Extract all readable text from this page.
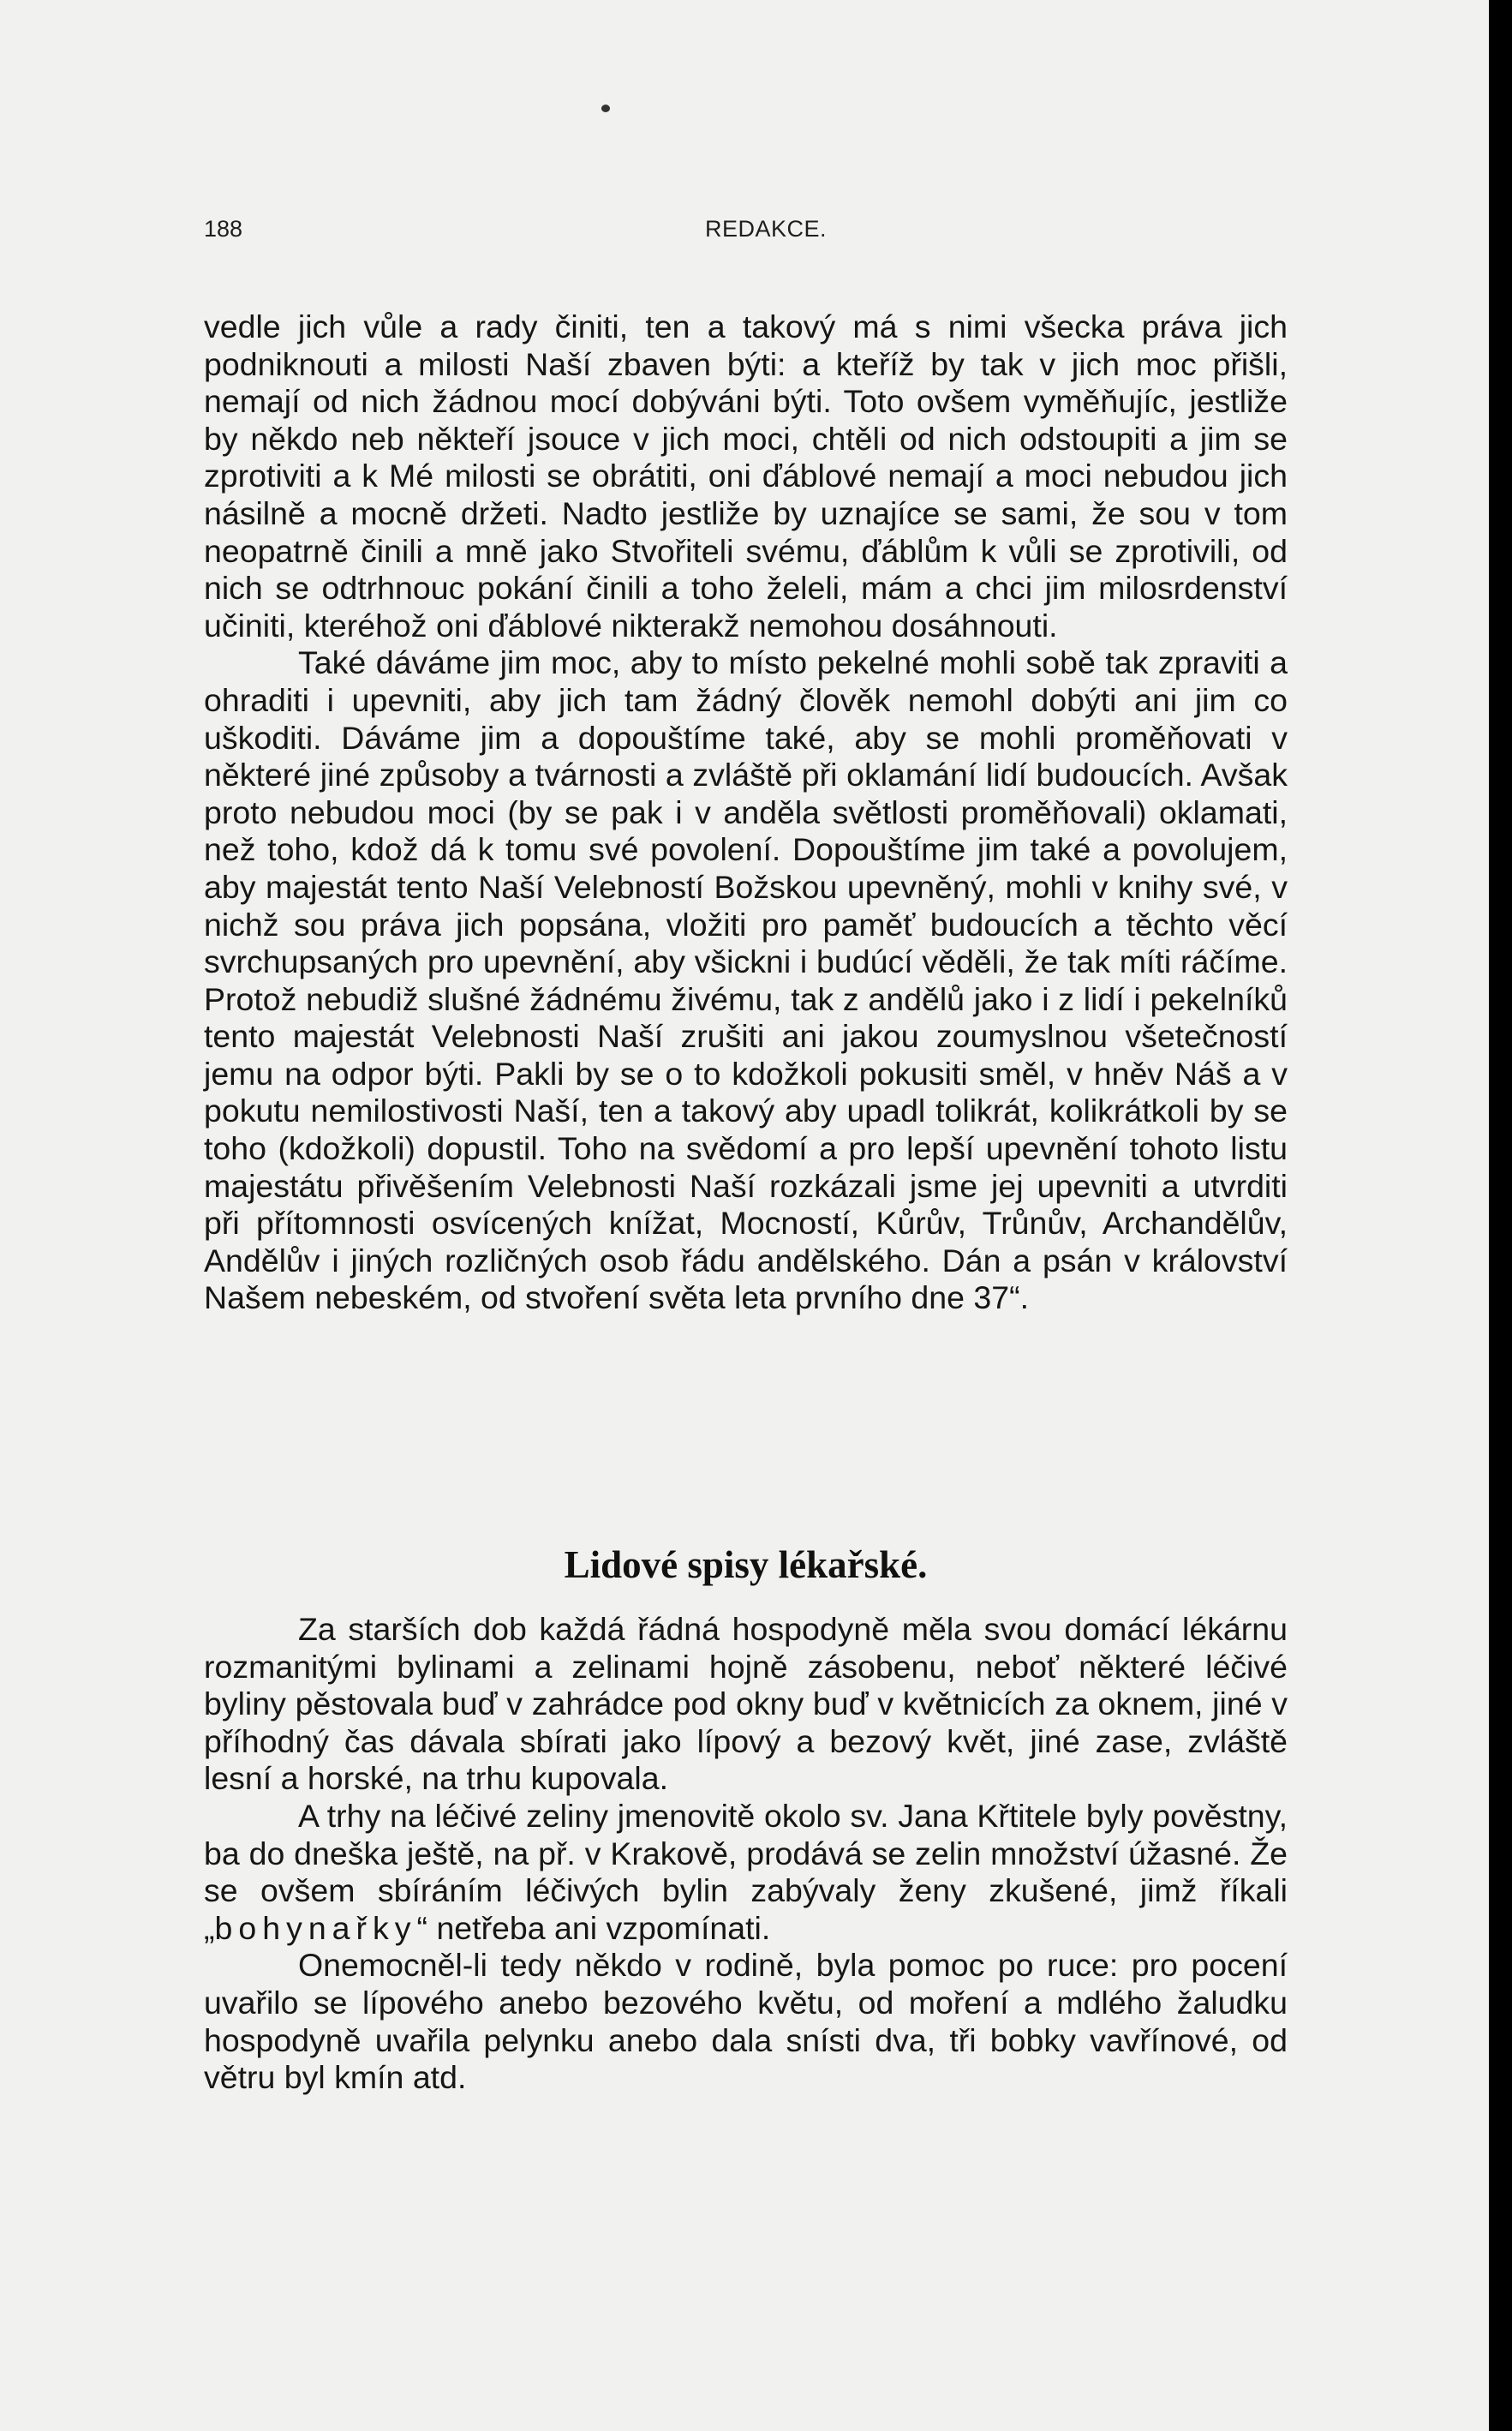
188	REDAKCE.

vedle jich vůle a rady činiti, ten a takový má s nimi všecka práva jich podniknouti a milosti Naší zbaven býti: a kteříž by tak v jich moc přišli, nemají od nich žádnou mocí dobýváni býti. Toto ovšem vyměňujíc, jestliže by někdo neb někteří jsouce v jich moci, chtěli od nich odstoupiti a jim se zprotiviti a k Mé milosti se obrátiti, oni ďáblové nemají a moci nebudou jich násilně a mocně držeti. Nadto jestliže by uznajíce se sami, že sou v tom neopatrně činili a mně jako Stvořiteli svému, ďáblům k vůli se zprotivili, od nich se odtrhnouc pokání činili a toho želeli, mám a chci jim milosrdenství učiniti, kteréhož oni ďáblové nikterakž nemohou dosáhnouti.

Také dáváme jim moc, aby to místo pekelné mohli sobě tak zpraviti a ohraditi i upevniti, aby jich tam žádný člověk nemohl dobýti ani jim co uškoditi. Dáváme jim a dopouštíme také, aby se mohli proměňovati v některé jiné způsoby a tvárnosti a zvláště při oklamání lidí budoucích. Avšak proto nebudou moci (by se pak i v anděla světlosti proměňovali) oklamati, než toho, kdož dá k tomu své povolení. Dopouštíme jim také a povolujem, aby majestát tento Naší Velebností Božskou upevněný, mohli v knihy své, v nichž sou práva jich popsána, vložiti pro paměť budoucích a těchto věcí svrchupsaných pro upevnění, aby všickni i budúcí věděli, že tak míti ráčíme. Protož nebudiž slušné žádnému živému, tak z andělů jako i z lidí i pekelníků tento majestát Velebnosti Naší zrušiti ani jakou zoumyslnou všetečností jemu na odpor býti. Pakli by se o to kdožkoli pokusiti směl, v hněv Náš a v pokutu nemilostivosti Naší, ten a takový aby upadl tolikrát, kolikrátkoli by se toho (kdožkoli) dopustil. Toho na svědomí a pro lepší upevnění tohoto listu majestátu přivěšením Velebnosti Naší rozkázali jsme jej upevniti a utvrditi při přítomnosti osvícených knížat, Mocností, Kůrův, Trůnův, Archandělův, Andělův i jiných rozličných osob řádu andělského. Dán a psán v království Našem nebeském, od stvoření světa leta prvního dne 37“.

Lidové spisy lékařské.

Za starších dob každá řádná hospodyně měla svou domácí lékárnu rozmanitými bylinami a zelinami hojně zásobenu, neboť některé léčivé byliny pěstovala buď v zahrádce pod okny buď v květnicích za oknem, jiné v příhodný čas dávala sbírati jako lípový a bezový květ, jiné zase, zvláště lesní a horské, na trhu kupovala.

A trhy na léčivé zeliny jmenovitě okolo sv. Jana Křtitele byly pověstny, ba do dneška ještě, na př. v Krakově, prodává se zelin množství úžasné. Že se ovšem sbíráním léčivých bylin zabývaly ženy zkušené, jimž říkali „bohynařky“ netřeba ani vzpomínati.

Onemocněl-li tedy někdo v rodině, byla pomoc po ruce: pro pocení uvařilo se lípového anebo bezového květu, od moření a mdlého žaludku hospodyně uvařila pelynku anebo dala snísti dva, tři bobky vavřínové, od větru byl kmín atd.
